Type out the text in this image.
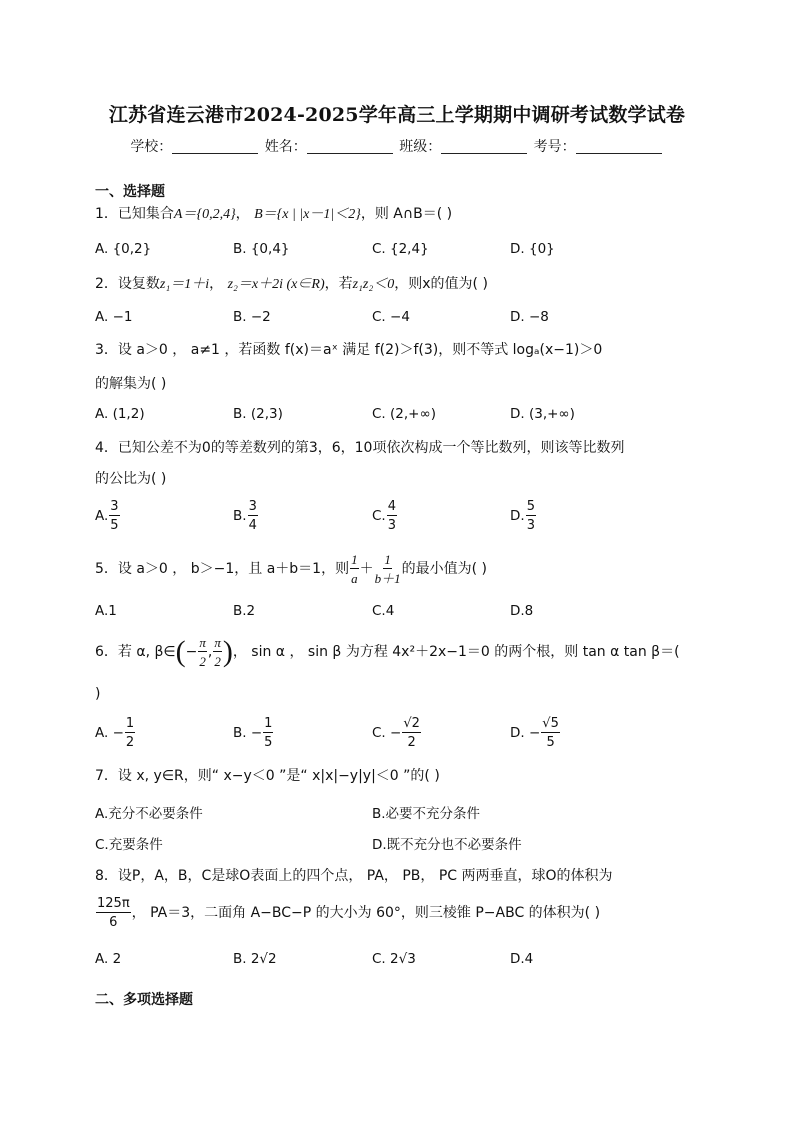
江苏省连云港市2024-2025学年高三上学期期中调研考试数学试卷
学校：	姓名：	班级：	考号：
一、选择题
1．已知集合A＝{0,2,4}， B＝{x | |x－1|＜2}，则 A∩B＝( )
A. {0,2}	B. {0,4}	C. {2,4}	D. {0}
2．设复数z₁＝1＋i， z₂＝x＋2i (x∈R)，若z₁z₂＜0，则x的值为( )
A. −1	B. −2	C. −4	D. −8
3．设 a＞0 ， a≠1 ，若函数 f(x)＝aˣ 满足 f(2)＞f(3)，则不等式 logₐ(x−1)＞0
的解集为( )
A. (1,2)	B. (2,3)	C. (2,+∞)	D. (3,+∞)
4．已知公差不为0的等差数列的第3，6，10项依次构成一个等比数列，则该等比数列
的公比为( )
A. $\frac{3}{5}$	B. $\frac{3}{4}$	C. $\frac{4}{3}$	D. $\frac{5}{3}$
5．设 a＞0 ， b＞−1，且 a＋b＝1，则 $\frac{1}{a} + \frac{1}{b+1}$ 的最小值为( )
A.1	B.2	C.4	D.8
6．若 α, β∈(− $\frac{\pi}{2}$ , $\frac{\pi}{2}$ )， sin α ， sin β 为方程 4x²＋2x−1＝0 的两个根，则 tan α tan β＝(
)
A. − $\frac{1}{2}$	B. − $\frac{1}{5}$	C. − $\frac{√2}{2}$	D. − $\frac{√5}{5}$
7．设 x, y∈R，则“ x−y＜0 ”是“ x|x|−y|y|＜0 ”的( )
A.充分不必要条件	B.必要不充分条件
C.充要条件	D.既不充分也不必要条件
8．设P，A，B，C是球O表面上的四个点， PA， PB， PC 两两垂直，球O的体积为
$\frac{125\pi}{6}$ ， PA＝3，二面角 A−BC−P 的大小为 60°，则三棱锥 P−ABC 的体积为( )
A. 2	B. 2√2	C. 2√3	D.4
二、多项选择题
